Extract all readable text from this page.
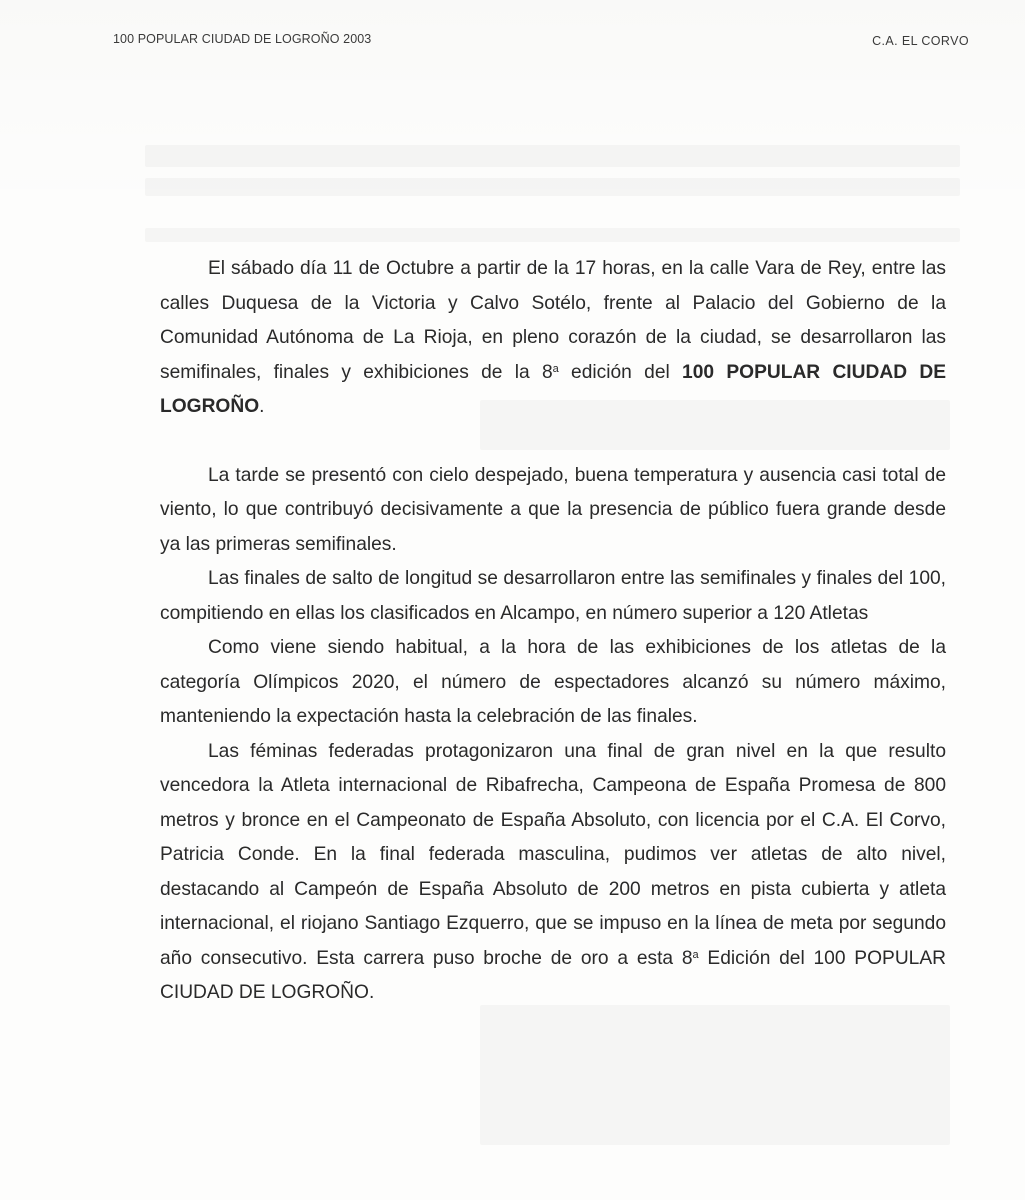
100 POPULAR CIUDAD DE LOGROÑO 2003	C.A. EL CORVO

El sábado día 11 de Octubre a partir de la 17 horas, en la calle Vara de Rey, entre las calles Duquesa de la Victoria y Calvo Sotélo, frente al Palacio del Gobierno de la Comunidad Autónoma de La Rioja, en pleno corazón de la ciudad, se desarrollaron las semifinales, finales y exhibiciones de la 8$^a$ edición del 100 POPULAR CIUDAD DE LOGROÑO.

La tarde se presentó con cielo despejado, buena temperatura y ausencia casi total de viento, lo que contribuyó decisivamente a que la presencia de público fuera grande desde ya las primeras semifinales.

Las finales de salto de longitud se desarrollaron entre las semifinales y finales del 100, compitiendo en ellas los clasificados en Alcampo, en número superior a 120 Atletas

Como viene siendo habitual, a la hora de las exhibiciones de los atletas de la categoría Olímpicos 2020, el número de espectadores alcanzó su número máximo, manteniendo la expectación hasta la celebración de las finales.

Las féminas federadas protagonizaron una final de gran nivel en la que resulto vencedora la Atleta internacional de Ribafrecha, Campeona de España Promesa de 800 metros y bronce en el Campeonato de España Absoluto, con licencia por el C.A. El Corvo, Patricia Conde. En la final federada masculina, pudimos ver atletas de alto nivel, destacando al Campeón de España Absoluto de 200 metros en pista cubierta y atleta internacional, el riojano Santiago Ezquerro, que se impuso en la línea de meta por segundo año consecutivo. Esta carrera puso broche de oro a esta 8$^a$ Edición del 100 POPULAR CIUDAD DE LOGROÑO.
